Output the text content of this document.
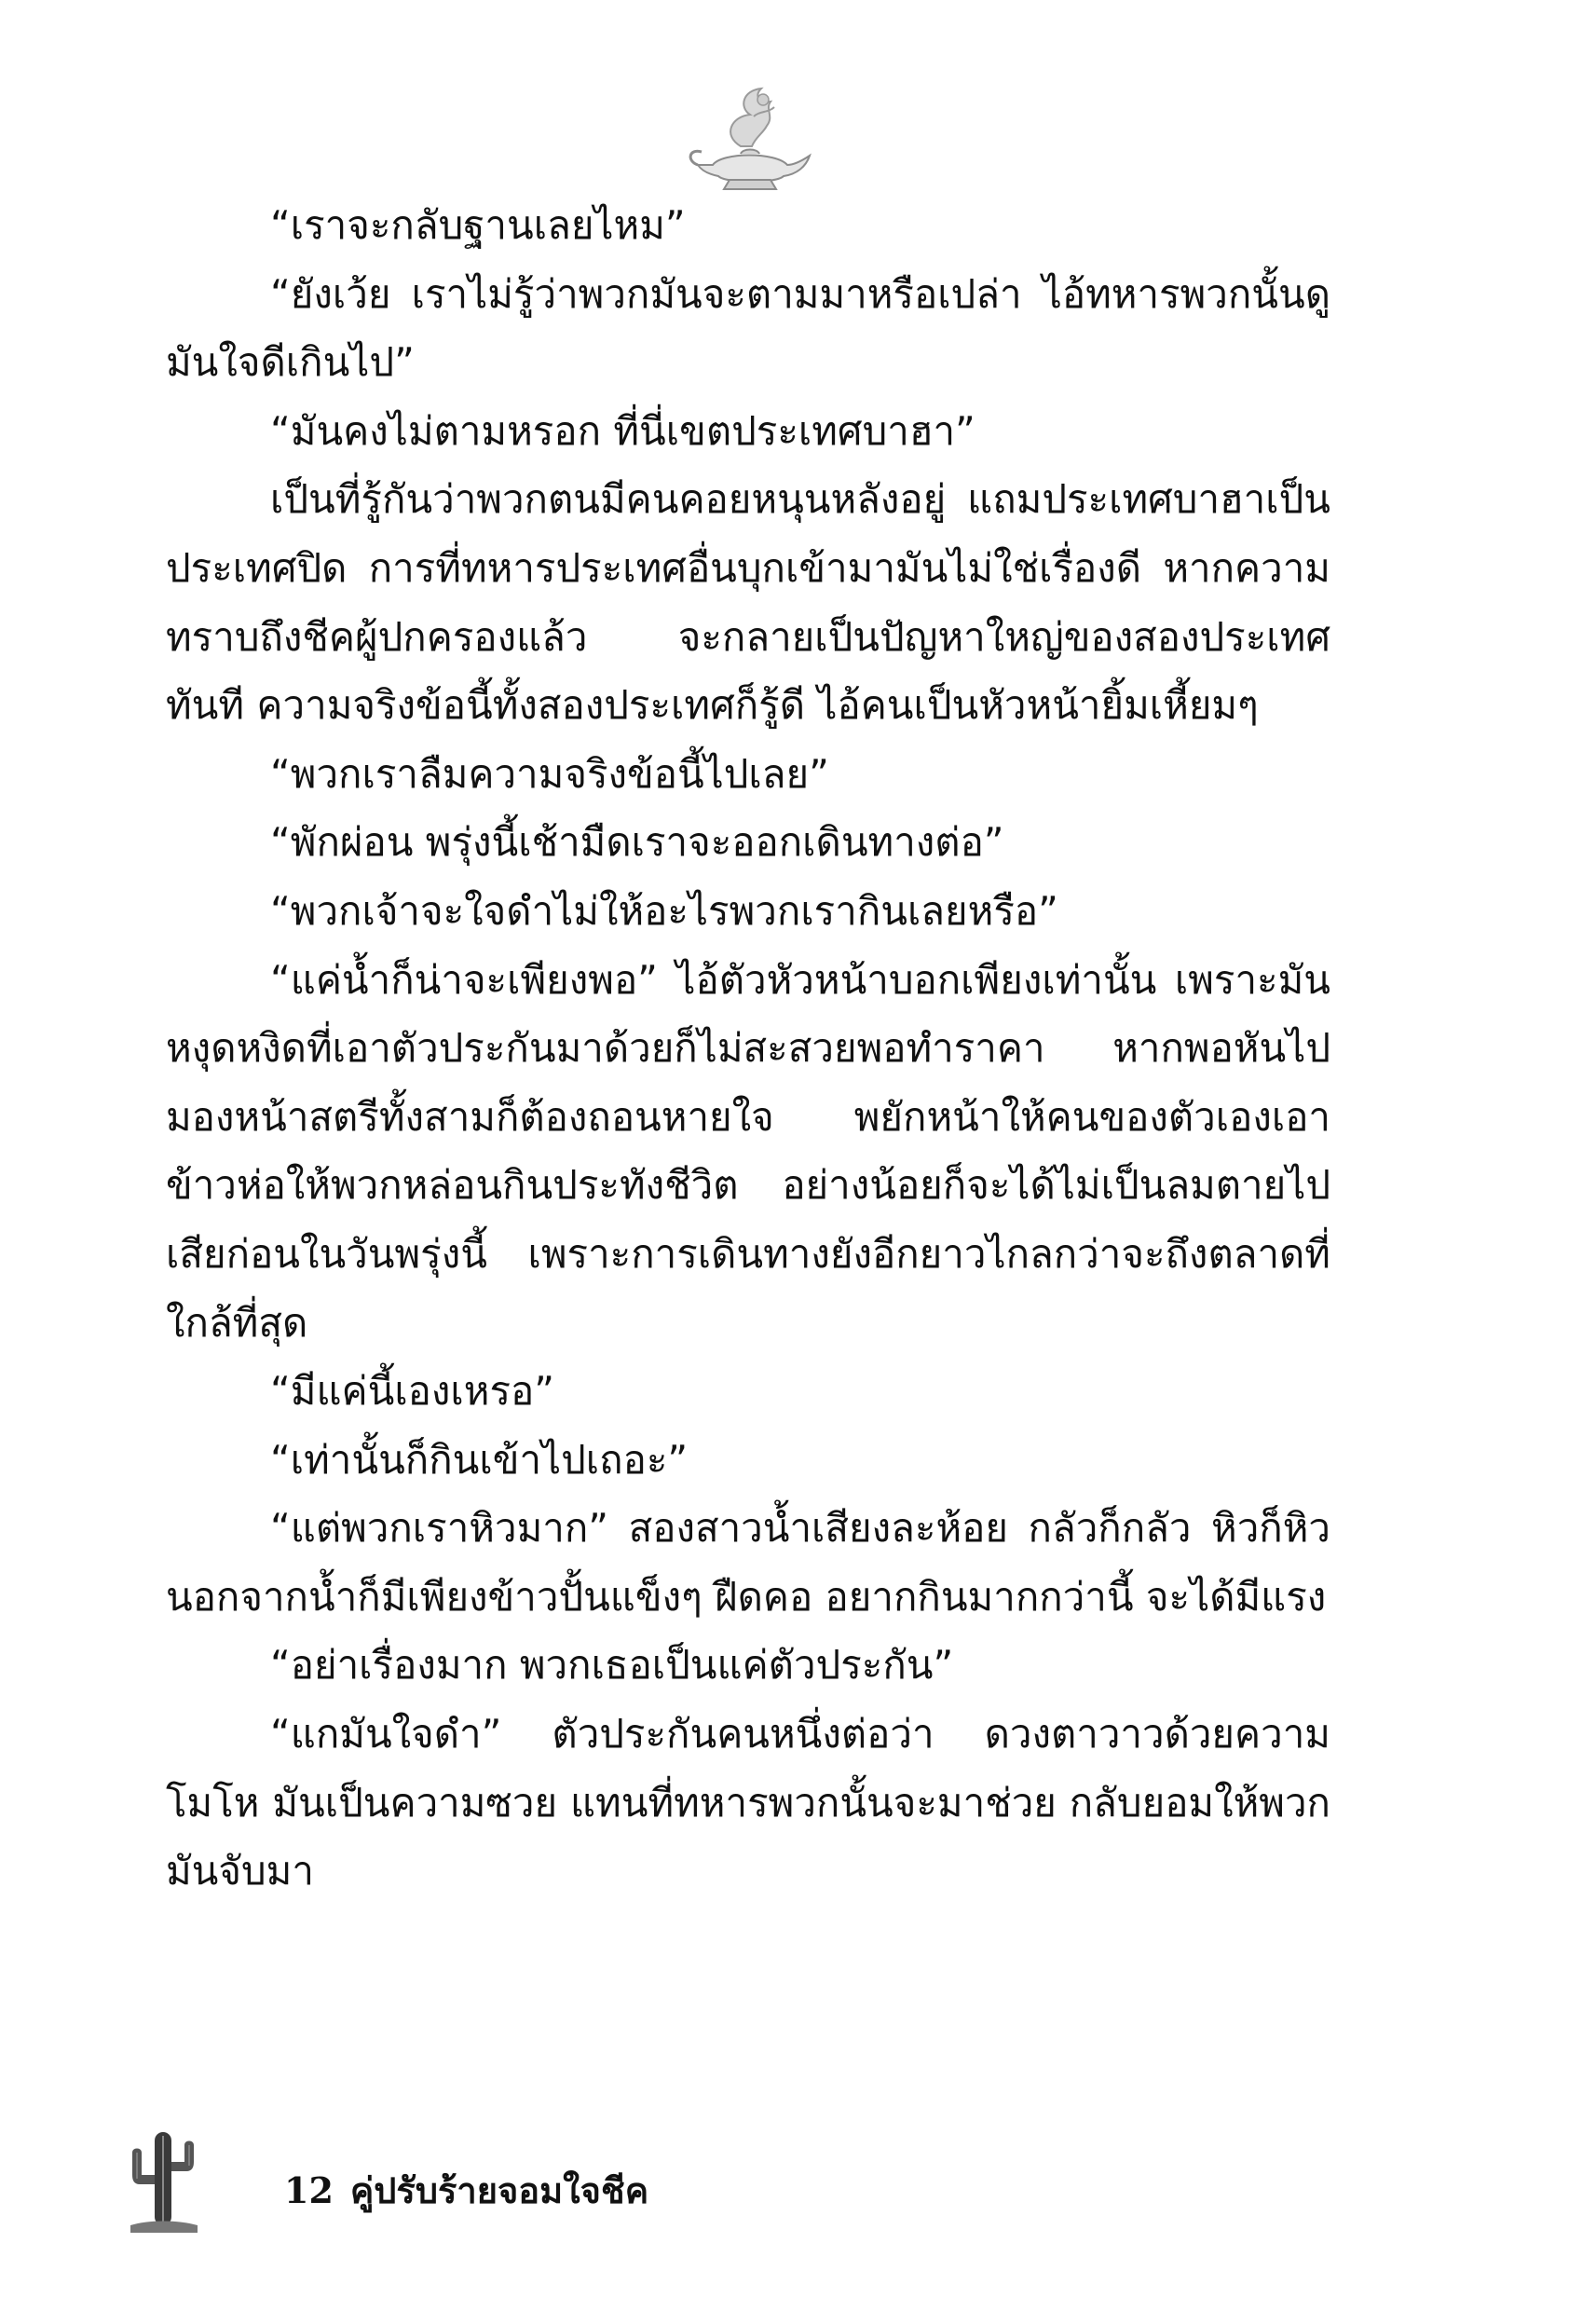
“เราจะกลับฐานเลยไหม”

“ยังเว้ย เราไม่รู้ว่าพวกมันจะตามมาหรือเปล่า ไอ้ทหารพวกนั้นดูมันใจดีเกินไป”

“มันคงไม่ตามหรอก ที่นี่เขตประเทศบาฮา”

เป็นที่รู้กันว่าพวกตนมีคนคอยหนุนหลังอยู่ แถมประเทศบาฮาเป็นประเทศปิด การที่ทหารประเทศอื่นบุกเข้ามามันไม่ใช่เรื่องดี หากความทราบถึงชีคผู้ปกครองแล้ว จะกลายเป็นปัญหาใหญ่ของสองประเทศทันที ความจริงข้อนี้ทั้งสองประเทศก็รู้ดี ไอ้คนเป็นหัวหน้ายิ้มเหี้ยมๆ

“พวกเราลืมความจริงข้อนี้ไปเลย”

“พักผ่อน พรุ่งนี้เช้ามืดเราจะออกเดินทางต่อ”

“พวกเจ้าจะใจดำไม่ให้อะไรพวกเรากินเลยหรือ”

“แค่น้ำก็น่าจะเพียงพอ” ไอ้ตัวหัวหน้าบอกเพียงเท่านั้น เพราะมันหงุดหงิดที่เอาตัวประกันมาด้วยก็ไม่สะสวยพอทำราคา หากพอหันไปมองหน้าสตรีทั้งสามก็ต้องถอนหายใจ พยักหน้าให้คนของตัวเองเอาข้าวห่อให้พวกหล่อนกินประทังชีวิต อย่างน้อยก็จะได้ไม่เป็นลมตายไปเสียก่อนในวันพรุ่งนี้ เพราะการเดินทางยังอีกยาวไกลกว่าจะถึงตลาดที่ใกล้ที่สุด

“มีแค่นี้เองเหรอ”

“เท่านั้นก็กินเข้าไปเถอะ”

“แต่พวกเราหิวมาก” สองสาวน้ำเสียงละห้อย กลัวก็กลัว หิวก็หิว นอกจากน้ำก็มีเพียงข้าวปั้นแข็งๆ ฝืดคอ อยากกินมากกว่านี้ จะได้มีแรง

“อย่าเรื่องมาก พวกเธอเป็นแค่ตัวประกัน”

“แกมันใจดำ” ตัวประกันคนหนึ่งต่อว่า ดวงตาวาวด้วยความโมโห มันเป็นความซวย แทนที่ทหารพวกนั้นจะมาช่วย กลับยอมให้พวกมันจับมา

12 คู่ปรับร้ายจอมใจชีค
